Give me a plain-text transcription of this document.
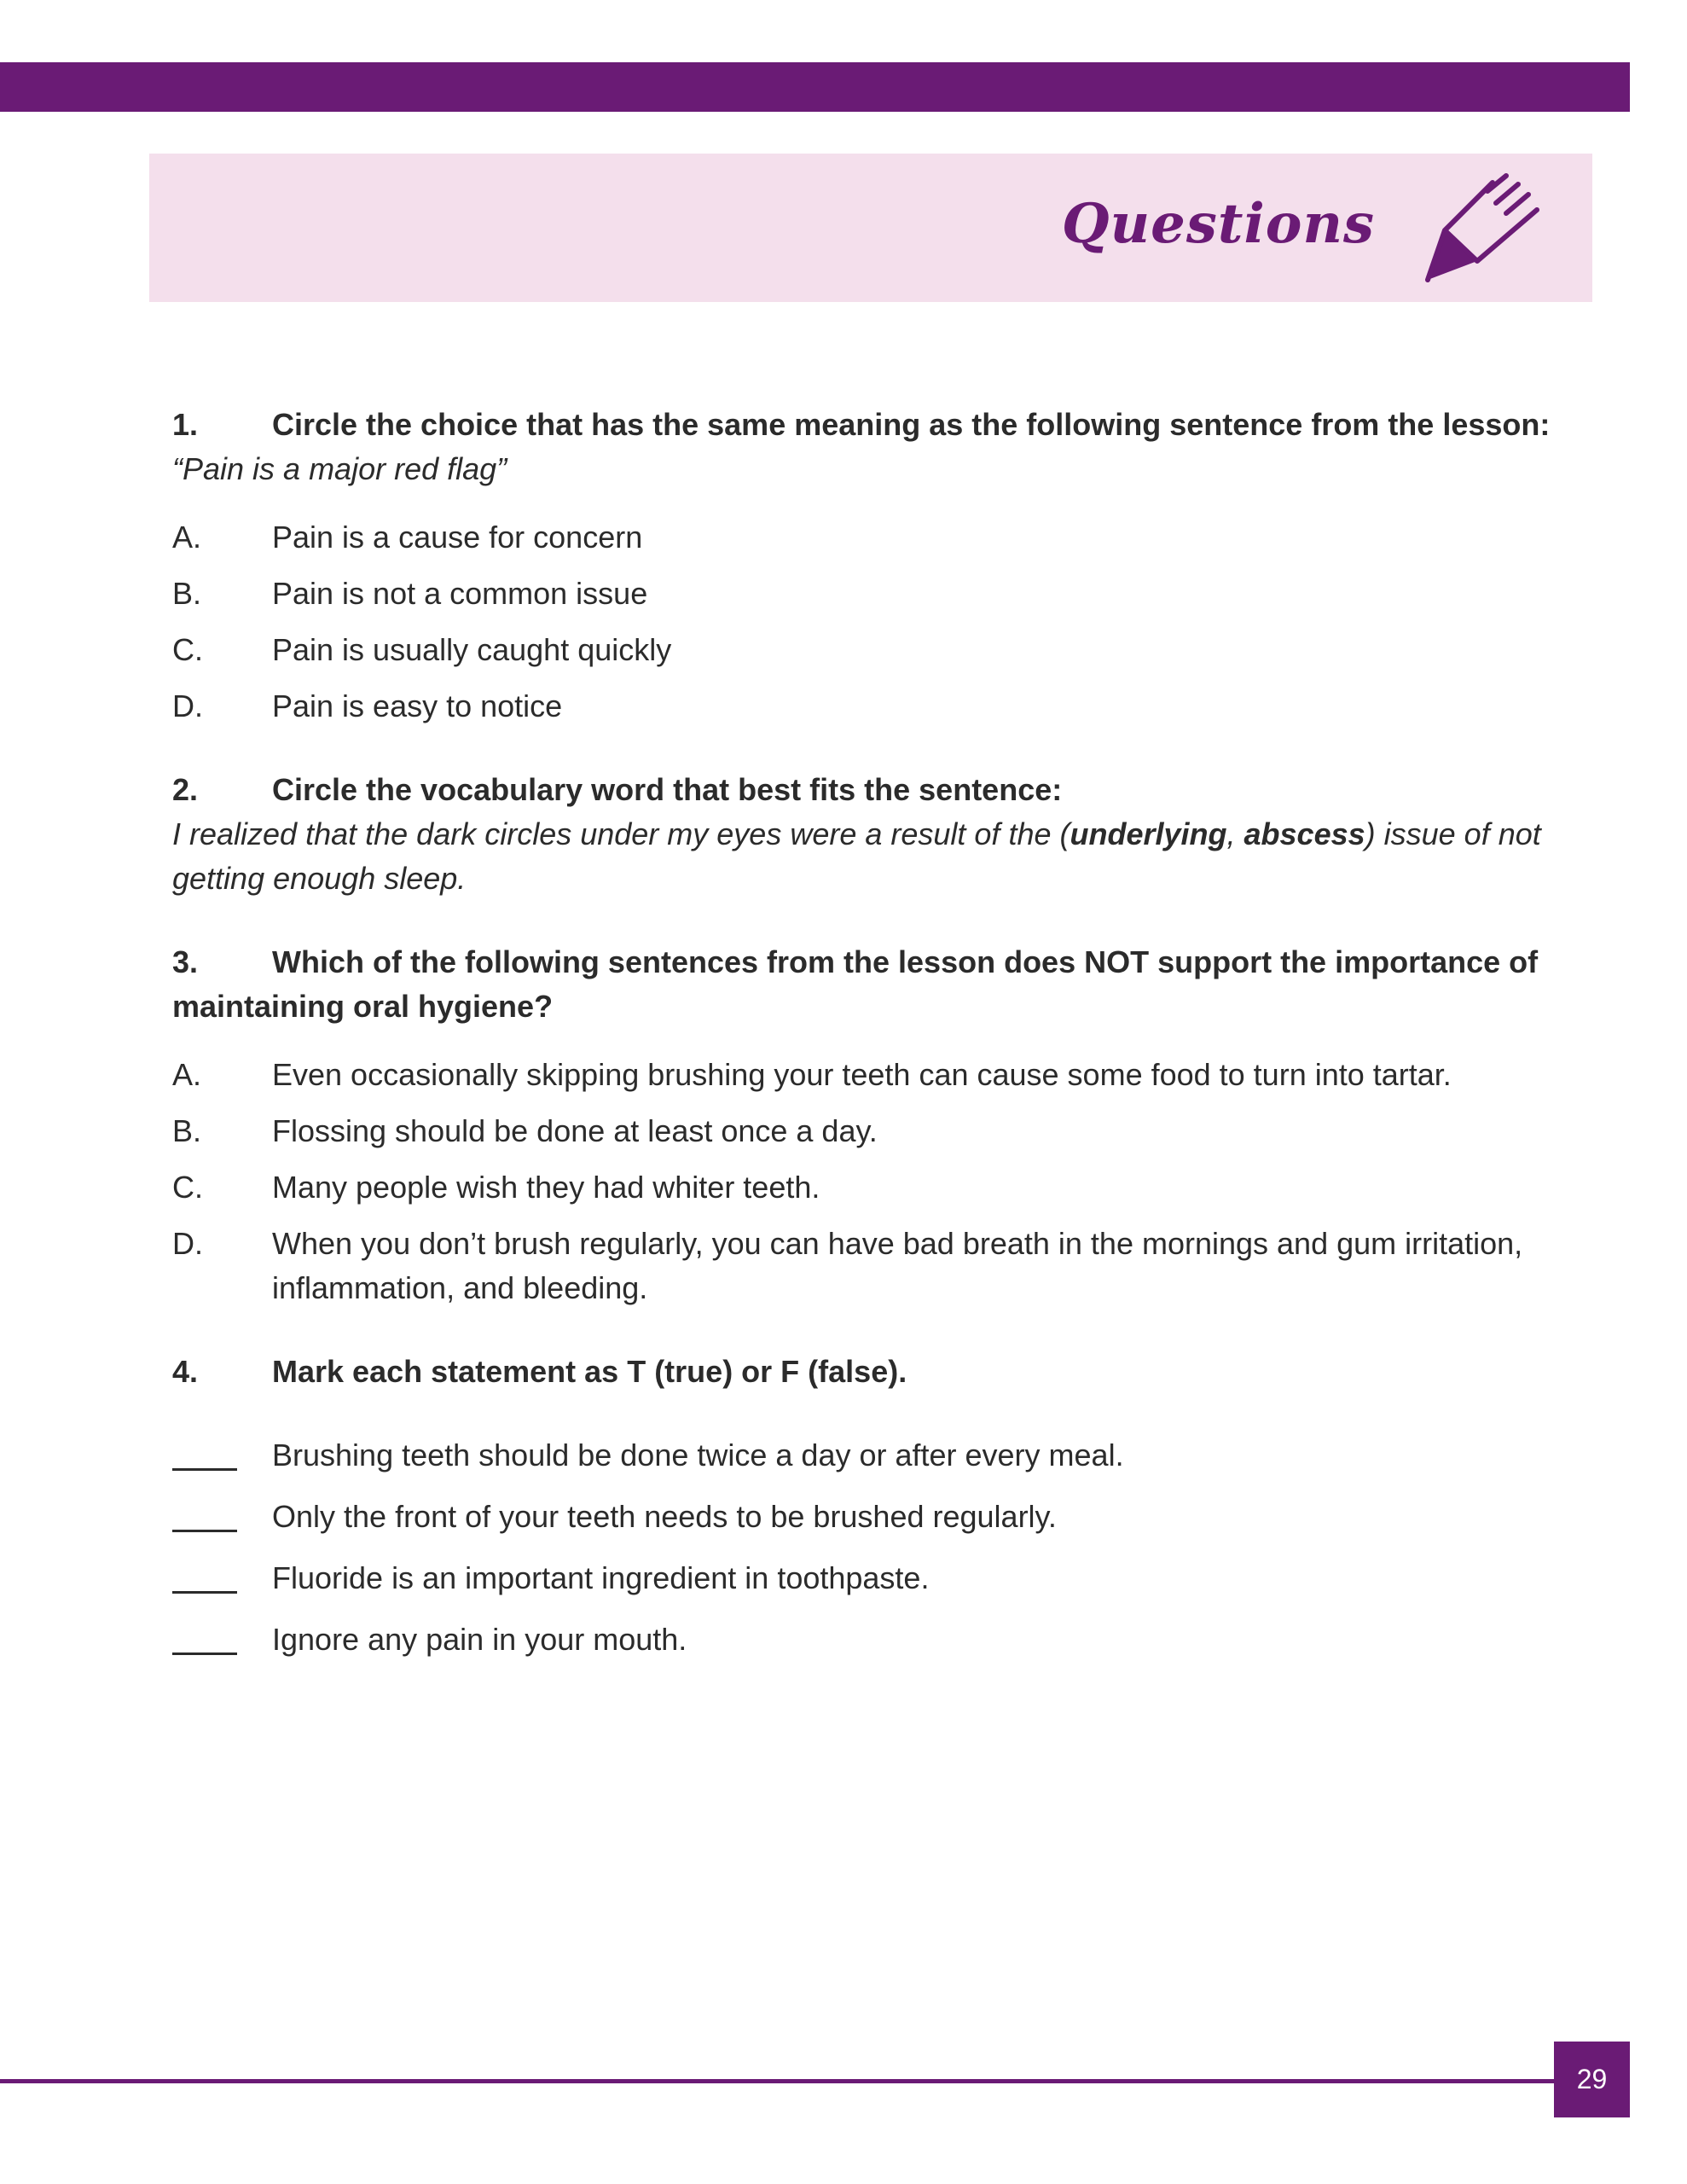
Questions
1.	Circle the choice that has the same meaning as the following sentence from the lesson:
“Pain is a major red flag”
A.	Pain is a cause for concern
B.	Pain is not a common issue
C.	Pain is usually caught quickly
D.	Pain is easy to notice
2.	Circle the vocabulary word that best fits the sentence:
I realized that the dark circles under my eyes were a result of the (underlying, abscess) issue of not getting enough sleep.
3.	Which of the following sentences from the lesson does NOT support the importance of
maintaining oral hygiene?
A.	Even occasionally skipping brushing your teeth can cause some food to turn into tartar.
B.	Flossing should be done at least once a day.
C.	Many people wish they had whiter teeth.
D.	When you don’t brush regularly, you can have bad breath in the mornings and gum irritation, inflammation, and bleeding.
4.	Mark each statement as T (true) or F (false).
Brushing teeth should be done twice a day or after every meal.
Only the front of your teeth needs to be brushed regularly.
Fluoride is an important ingredient in toothpaste.
Ignore any pain in your mouth.
29
